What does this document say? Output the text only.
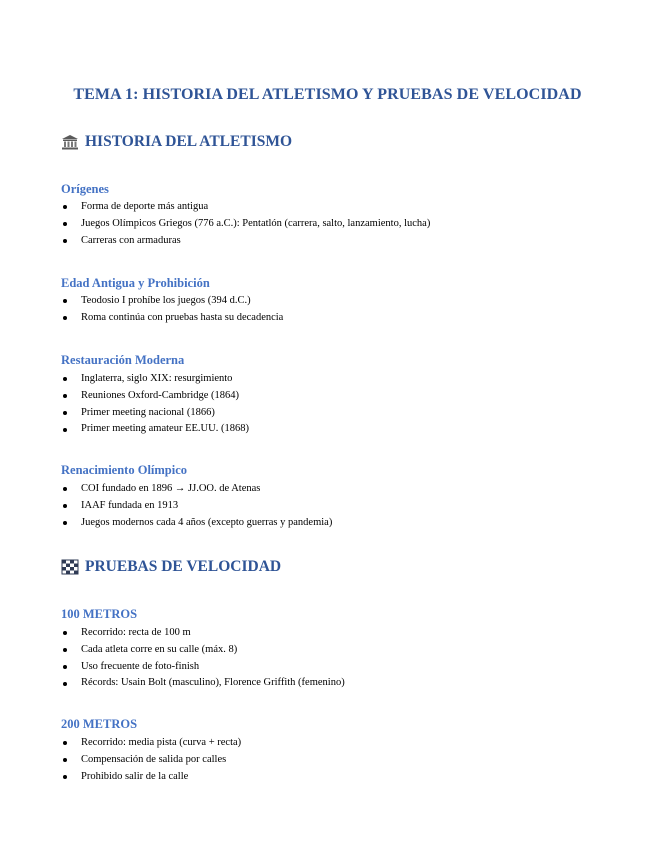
TEMA 1: HISTORIA DEL ATLETISMO Y PRUEBAS DE VELOCIDAD
HISTORIA DEL ATLETISMO
Orígenes
Forma de deporte más antigua
Juegos Olímpicos Griegos (776 a.C.): Pentatlón (carrera, salto, lanzamiento, lucha)
Carreras con armaduras
Edad Antigua y Prohibición
Teodosio I prohíbe los juegos (394 d.C.)
Roma continúa con pruebas hasta su decadencia
Restauración Moderna
Inglaterra, siglo XIX: resurgimiento
Reuniones Oxford-Cambridge (1864)
Primer meeting nacional (1866)
Primer meeting amateur EE.UU. (1868)
Renacimiento Olímpico
COI fundado en 1896 → JJ.OO. de Atenas
IAAF fundada en 1913
Juegos modernos cada 4 años (excepto guerras y pandemia)
PRUEBAS DE VELOCIDAD
100 METROS
Recorrido: recta de 100 m
Cada atleta corre en su calle (máx. 8)
Uso frecuente de foto-finish
Récords: Usain Bolt (masculino), Florence Griffith (femenino)
200 METROS
Recorrido: media pista (curva + recta)
Compensación de salida por calles
Prohibido salir de la calle
